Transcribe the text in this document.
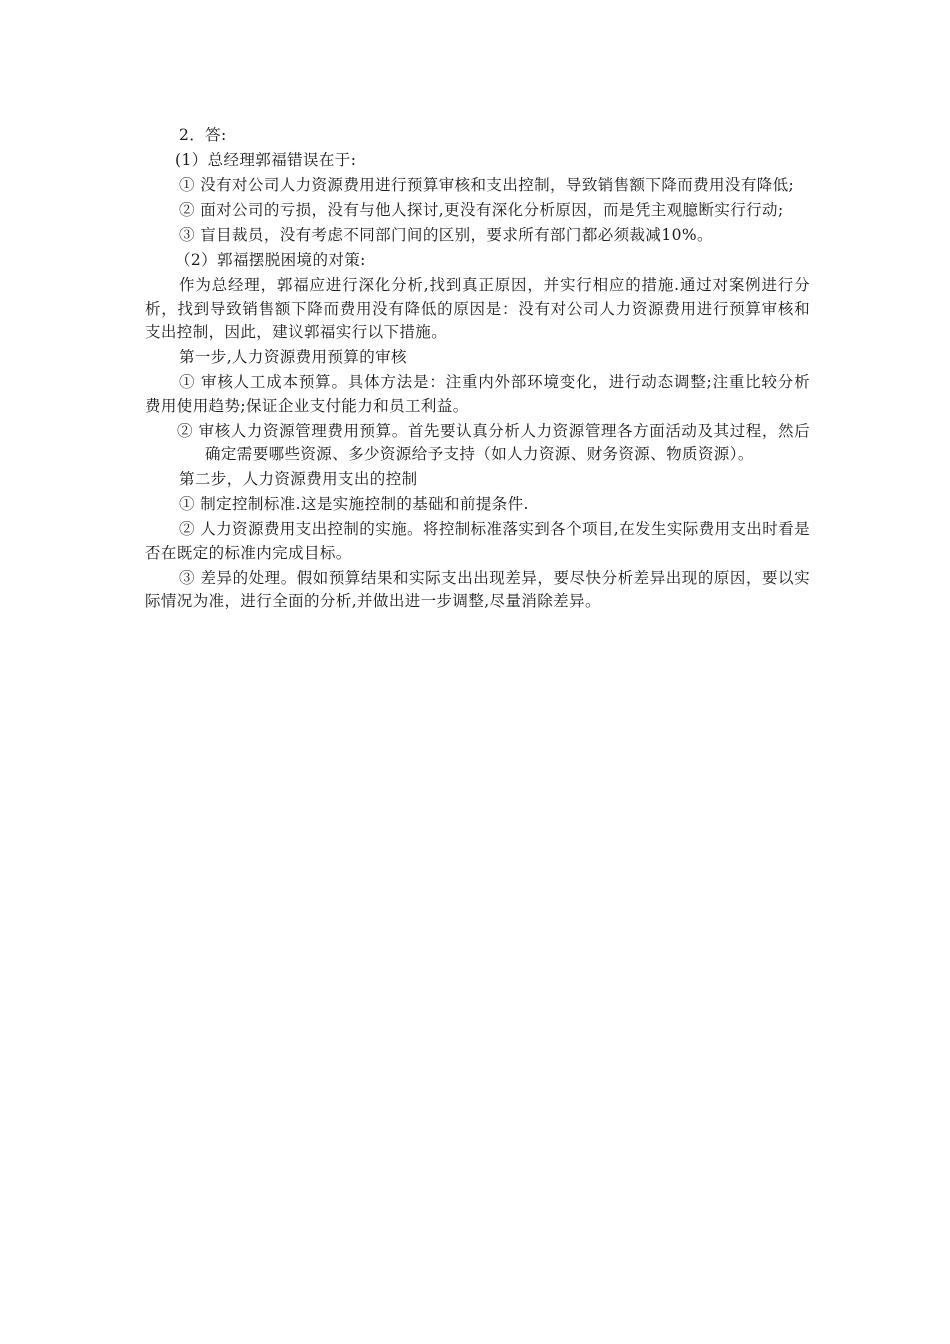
2．答:

(1）总经理郭福错误在于:

① 没有对公司人力资源费用进行预算审核和支出控制，导致销售额下降而费用没有降低;

② 面对公司的亏损，没有与他人探讨,更没有深化分析原因，而是凭主观臆断实行行动;

③ 盲目裁员，没有考虑不同部门间的区别，要求所有部门都必须裁减10%。

（2）郭福摆脱困境的对策:

作为总经理，郭福应进行深化分析,找到真正原因，并实行相应的措施.通过对案例进行分析，找到导致销售额下降而费用没有降低的原因是：没有对公司人力资源费用进行预算审核和支出控制，因此，建议郭福实行以下措施。

第一步,人力资源费用预算的审核

① 审核人工成本预算。具体方法是：注重内外部环境变化，进行动态调整;注重比较分析费用使用趋势;保证企业支付能力和员工利益。

② 审核人力资源管理费用预算。首先要认真分析人力资源管理各方面活动及其过程，然后确定需要哪些资源、多少资源给予支持（如人力资源、财务资源、物质资源）。

第二步，人力资源费用支出的控制

① 制定控制标准.这是实施控制的基础和前提条件.

② 人力资源费用支出控制的实施。将控制标准落实到各个项目,在发生实际费用支出时看是否在既定的标准内完成目标。

③ 差异的处理。假如预算结果和实际支出出现差异，要尽快分析差异出现的原因，要以实际情况为准，进行全面的分析,并做出进一步调整,尽量消除差异。
